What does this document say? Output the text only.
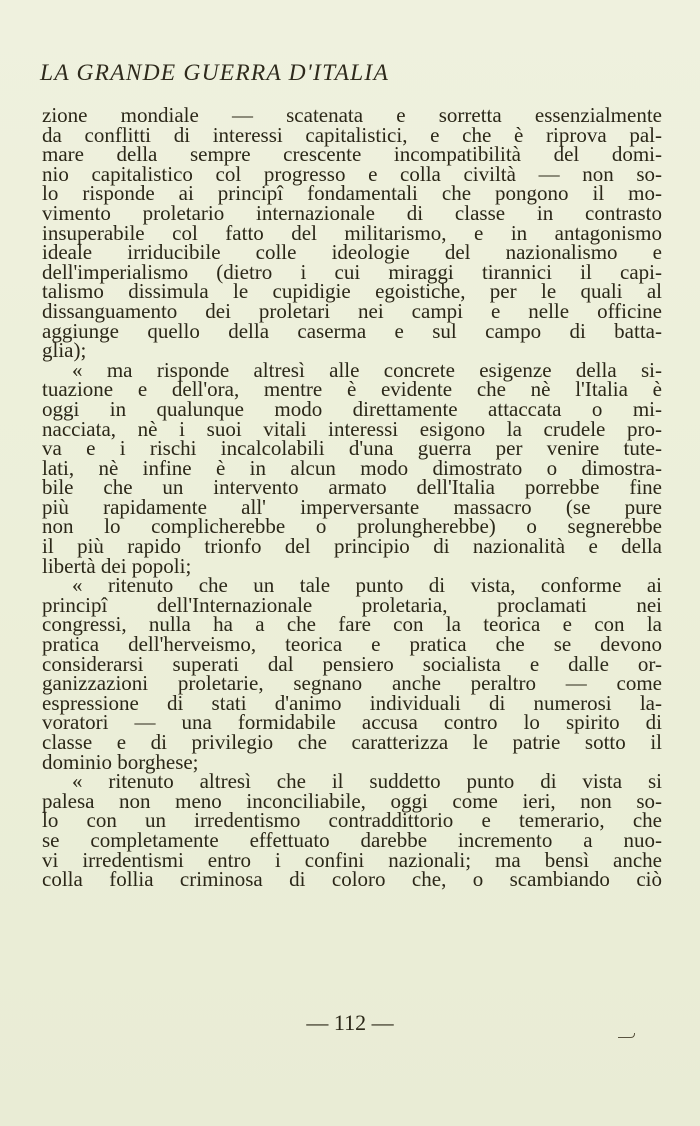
LA GRANDE GUERRA D'ITALIA
zione mondiale — scatenata e sorretta essenzialmente
da conflitti di interessi capitalistici, e che è riprova pal-
mare della sempre crescente incompatibilità del domi-
nio capitalistico col progresso e colla civiltà — non so-
lo risponde ai principî fondamentali che pongono il mo-
vimento proletario internazionale di classe in contrasto
insuperabile col fatto del militarismo, e in antagonismo
ideale irriducibile colle ideologie del nazionalismo e
dell'imperialismo (dietro i cui miraggi tirannici il capi-
talismo dissimula le cupidigie egoistiche, per le quali al
dissanguamento dei proletari nei campi e nelle officine
aggiunge quello della caserma e sul campo di batta-
glia);
« ma risponde altresì alle concrete esigenze della si-
tuazione e dell'ora, mentre è evidente che nè l'Italia è
oggi in qualunque modo direttamente attaccata o mi-
nacciata, nè i suoi vitali interessi esigono la crudele pro-
va e i rischi incalcolabili d'una guerra per venire tute-
lati, nè infine è in alcun modo dimostrato o dimostra-
bile che un intervento armato dell'Italia porrebbe fine
più rapidamente all' imperversante massacro (se pure
non lo complicherebbe o prolungherebbe) o segnerebbe
il più rapido trionfo del principio di nazionalità e della
libertà dei popoli;
« ritenuto che un tale punto di vista, conforme ai
principî dell'Internazionale proletaria, proclamati nei
congressi, nulla ha a che fare con la teorica e con la
pratica dell'herveismo, teorica e pratica che se devono
considerarsi superati dal pensiero socialista e dalle or-
ganizzazioni proletarie, segnano anche peraltro — come
espressione di stati d'animo individuali di numerosi la-
voratori — una formidabile accusa contro lo spirito di
classe e di privilegio che caratterizza le patrie sotto il
dominio borghese;
« ritenuto altresì che il suddetto punto di vista si
palesa non meno inconciliabile, oggi come ieri, non so-
lo con un irredentismo contraddittorio e temerario, che
se completamente effettuato darebbe incremento a nuo-
vi irredentismi entro i confini nazionali; ma bensì anche
colla follia criminosa di coloro che, o scambiando ciò
— 112 —
